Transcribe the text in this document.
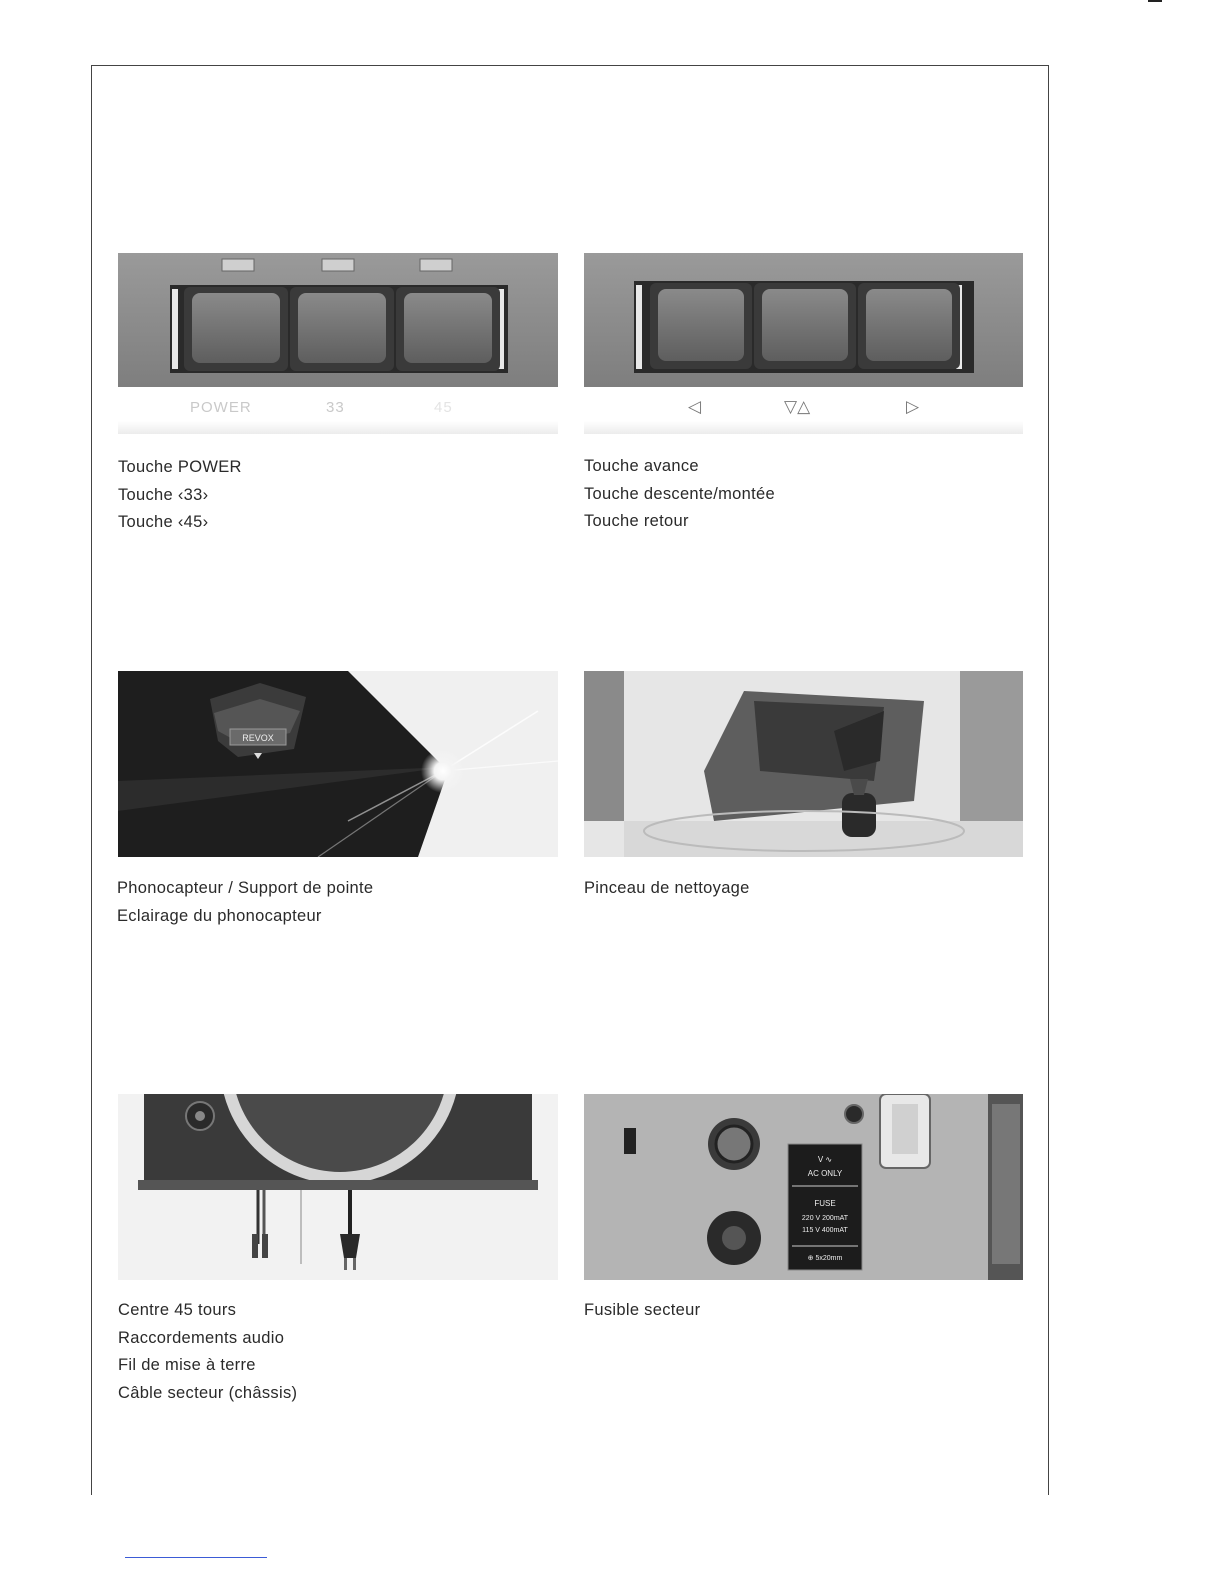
POWER	33	45
Touche POWER
Touche ‹33›
Touche ‹45›
◁	▽△	▷
Touche avance
Touche descente/montée
Touche retour
REVOX
Phonocapteur / Support de pointe
Eclairage du phonocapteur
Pinceau de nettoyage
Centre 45 tours
Raccordements audio
Fil de mise à terre
Câble secteur (châssis)
V ∿
AC ONLY
FUSE
220 V 200mAT
115 V 400mAT
⊕ 5x20mm
Fusible secteur
